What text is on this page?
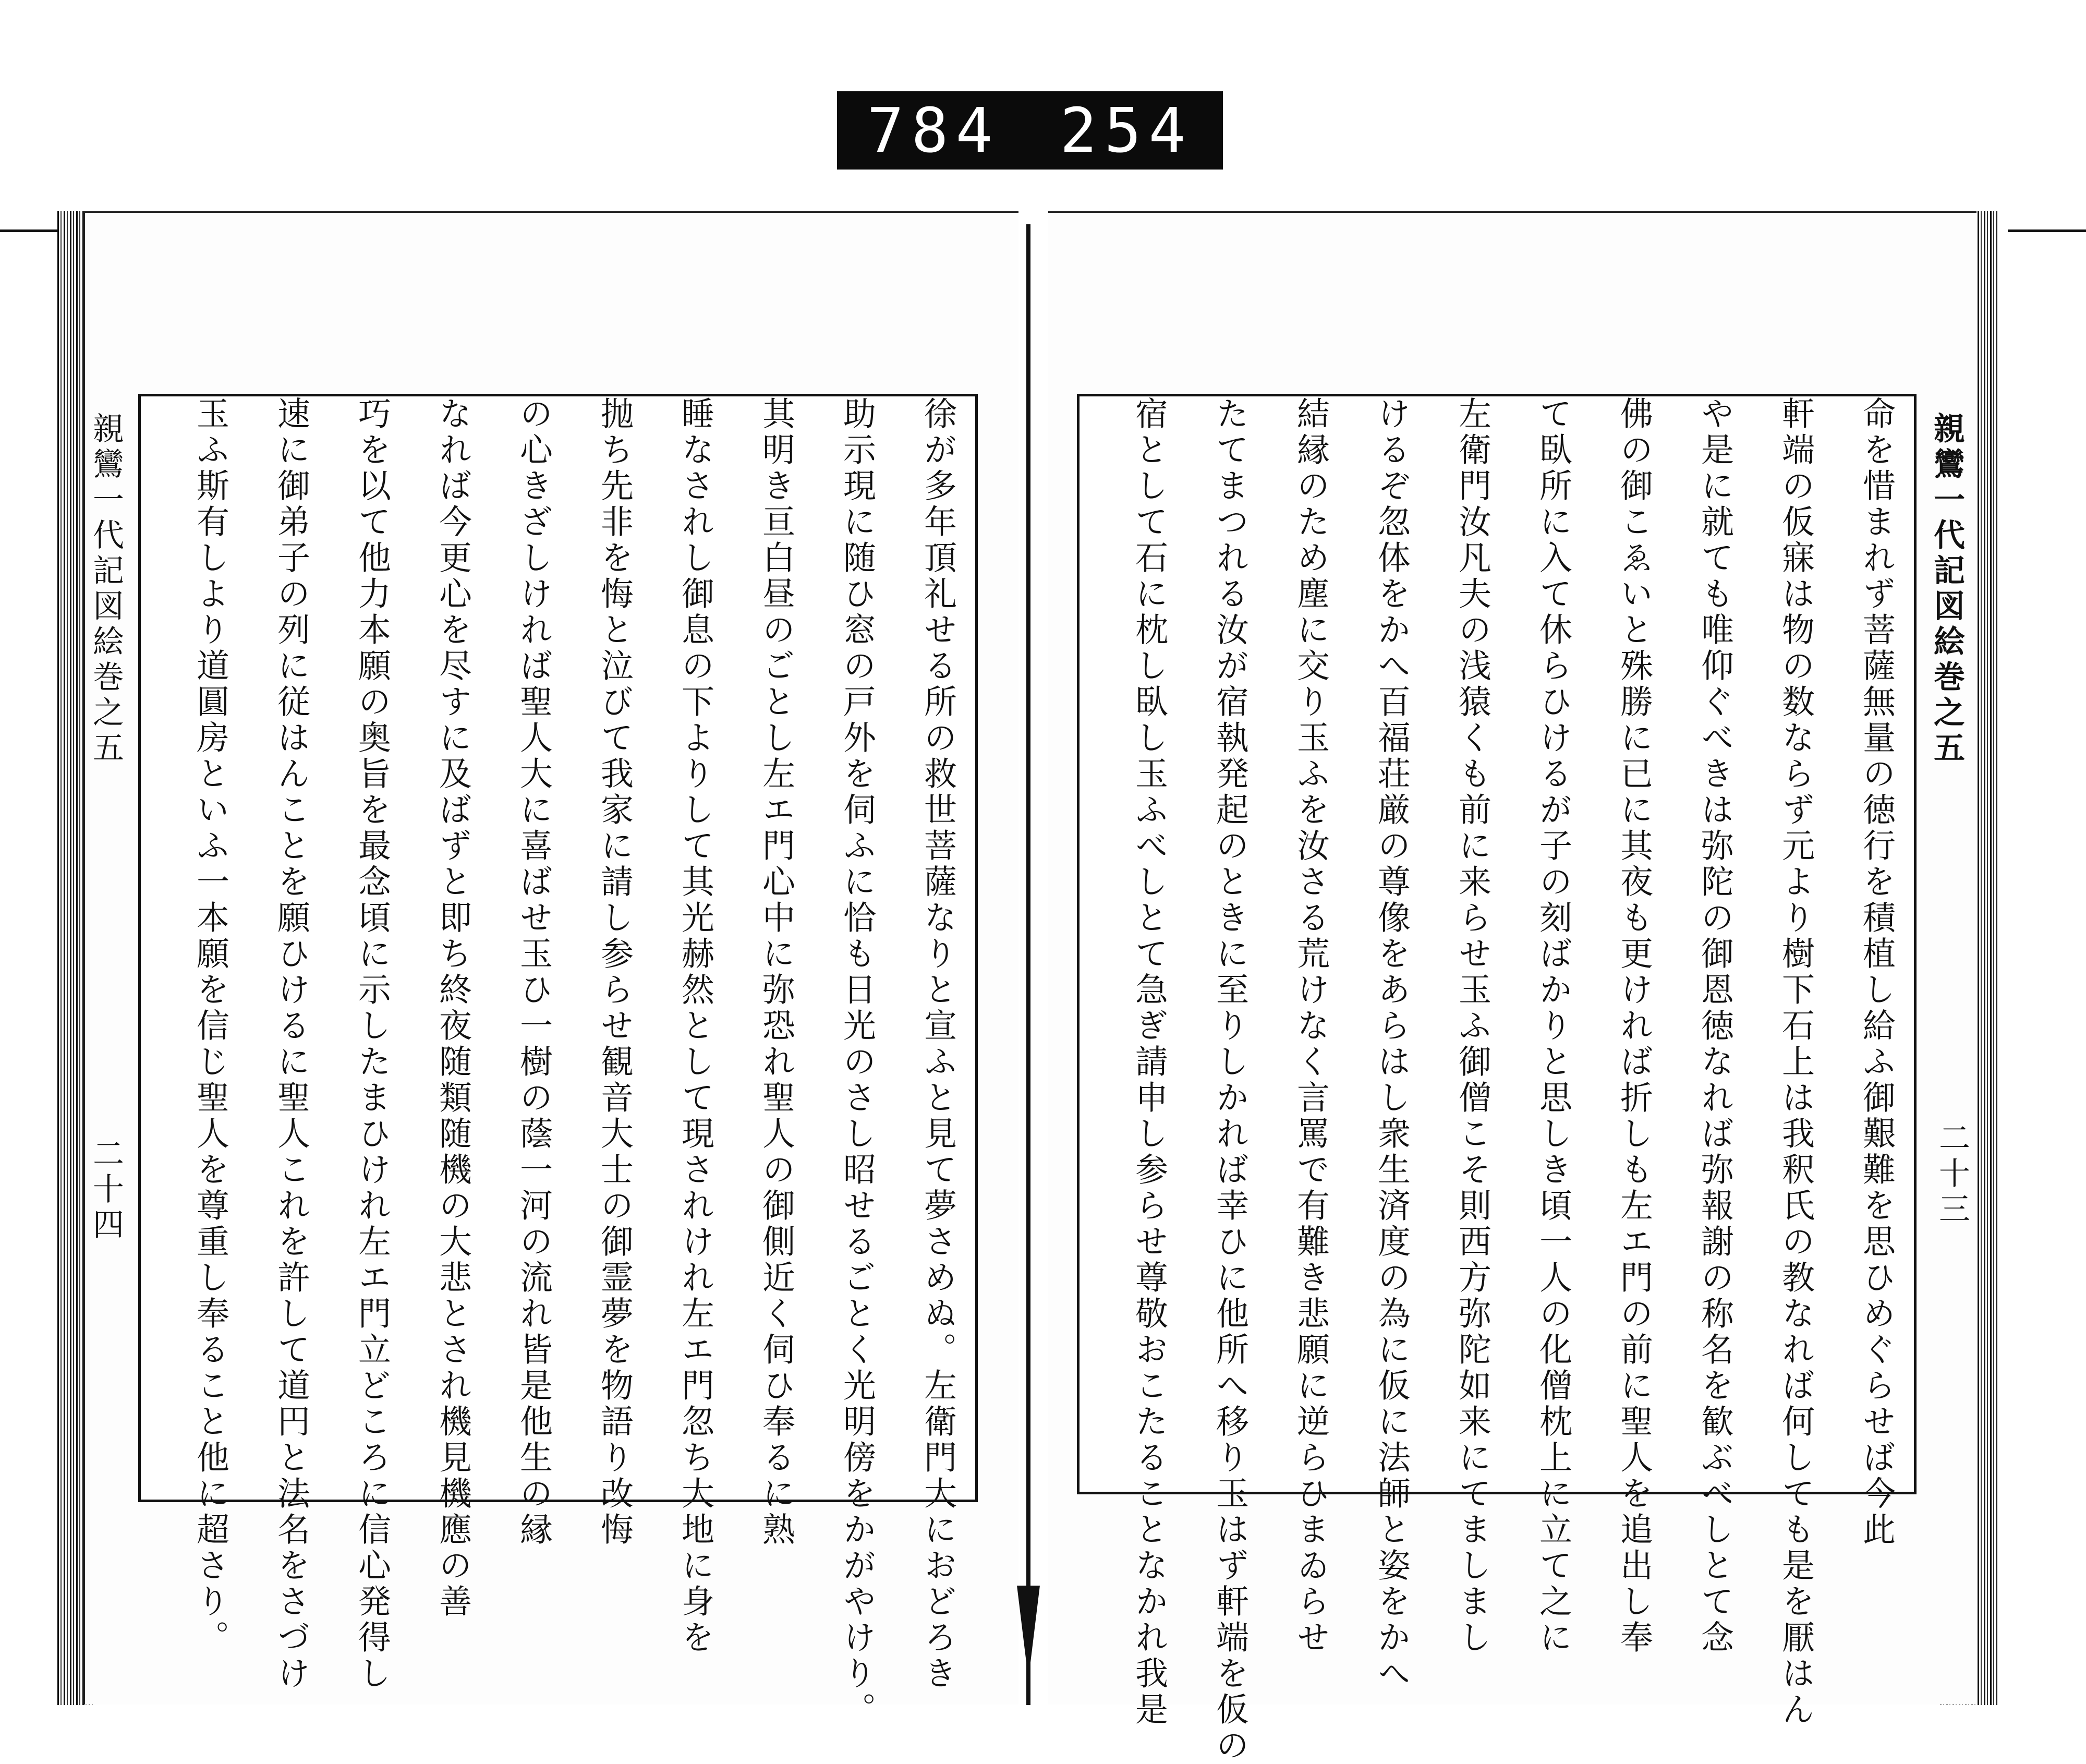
784 254
親鸞一代記図絵巻之五
二十四	徐が多年頂礼せる所の救世菩薩なりと宣ふと見て夢さめぬ。左衛門大におどろき
助示現に随ひ窓の戸外を伺ふに恰も日光のさし昭せるごとく光明傍をかがやけり。
其明き亘白昼のごとし左エ門心中に弥恐れ聖人の御側近く伺ひ奉るに熟
睡なされし御息の下よりして其光赫然として現されけれ左エ門忽ち大地に身を
抛ち先非を悔と泣びて我家に請し参らせ観音大士の御霊夢を物語り改悔
の心きざしければ聖人大に喜ばせ玉ひ一樹の蔭一河の流れ皆是他生の縁
なれば今更心を尽すに及ばずと即ち終夜随類随機の大悲とされ機見機應の善
巧を以て他力本願の奥旨を最念頃に示したまひけれ左エ門立どころに信心発得し
速に御弟子の列に従はんことを願ひけるに聖人これを許して道円と法名をさづけ
玉ふ斯有しより道圓房といふ一本願を信じ聖人を尊重し奉ること他に超さり。	命を惜まれず菩薩無量の徳行を積植し給ふ御艱難を思ひめぐらせば今此
軒端の仮寐は物の数ならず元より樹下石上は我釈氏の教なれば何しても是を厭はん
や是に就ても唯仰ぐべきは弥陀の御恩徳なれば弥報謝の称名を歓ぶべしとて念
佛の御こゑいと殊勝に已に其夜も更ければ折しも左エ門の前に聖人を追出し奉
て臥所に入て休らひけるが子の刻ばかりと思しき頃一人の化僧枕上に立て之に
左衛門汝凡夫の浅猿くも前に来らせ玉ふ御僧こそ則西方弥陀如来にてましまし
けるぞ忽体をかへ百福荘厳の尊像をあらはし衆生済度の為に仮に法師と姿をかへ
結縁のため塵に交り玉ふを汝さる荒けなく言罵で有難き悲願に逆らひまゐらせ
たてまつれる汝が宿執発起のときに至りしかれば幸ひに他所へ移り玉はず軒端を仮の
宿として石に枕し臥し玉ふべしとて急ぎ請申し参らせ尊敬おこたることなかれ我是	親鸞一代記図絵巻之五
二十三
